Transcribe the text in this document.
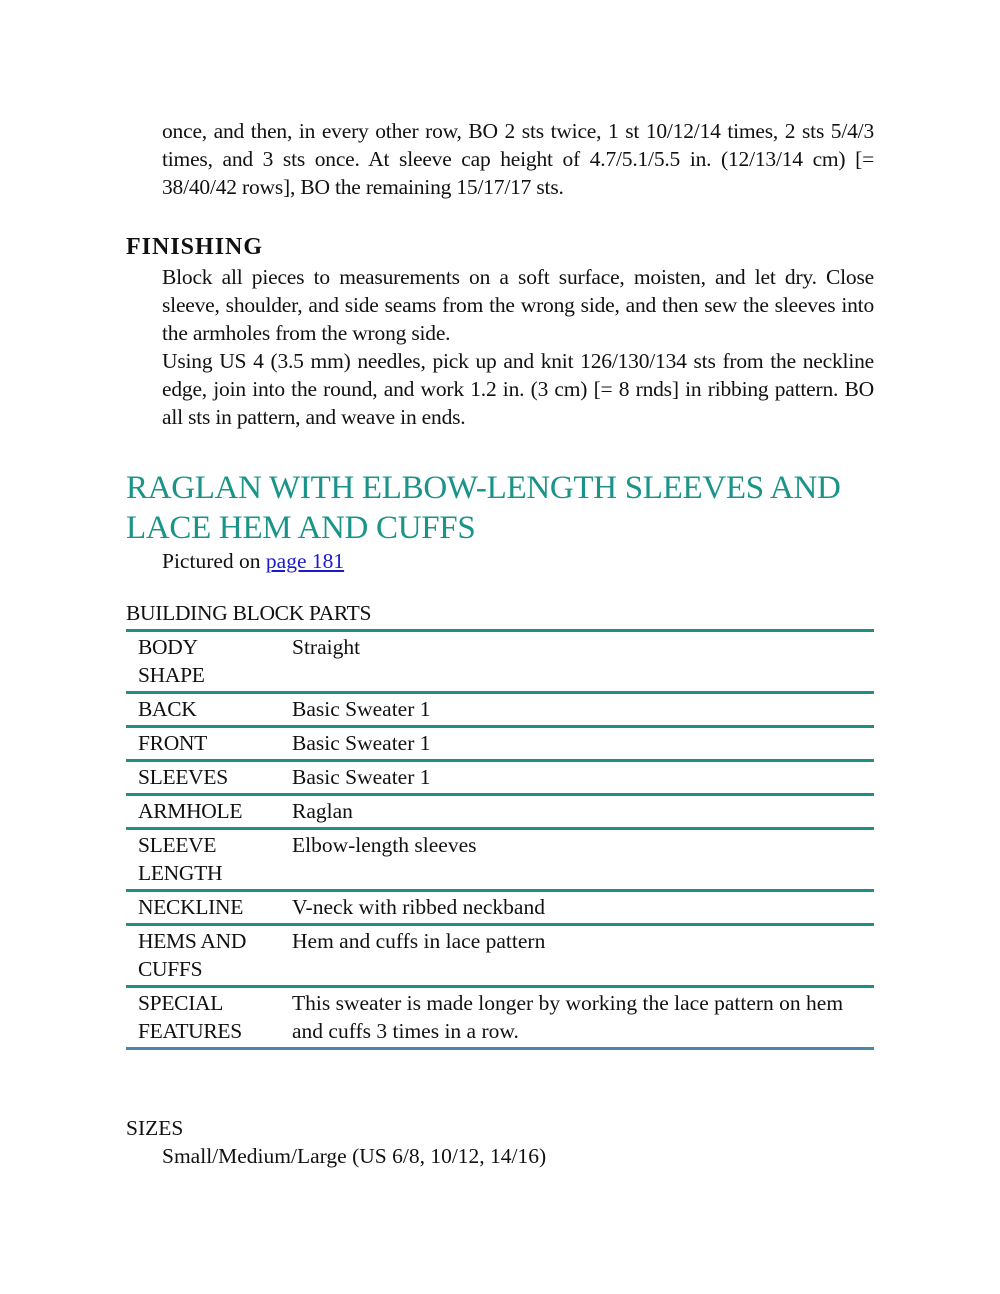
once, and then, in every other row, BO 2 sts twice, 1 st 10/12/14 times, 2 sts 5/4/3 times, and 3 sts once. At sleeve cap height of 4.7/5.1/5.5 in. (12/13/14 cm) [= 38/40/42 rows], BO the remaining 15/17/17 sts.

FINISHING

Block all pieces to measurements on a soft surface, moisten, and let dry. Close sleeve, shoulder, and side seams from the wrong side, and then sew the sleeves into the armholes from the wrong side.

Using US 4 (3.5 mm) needles, pick up and knit 126/130/134 sts from the neckline edge, join into the round, and work 1.2 in. (3 cm) [= 8 rnds] in ribbing pattern. BO all sts in pattern, and weave in ends.

RAGLAN WITH ELBOW-LENGTH SLEEVES AND LACE HEM AND CUFFS
Pictured on page 181
BUILDING BLOCK PARTS
BODY
SHAPE	Straight
BACK	Basic Sweater 1
FRONT	Basic Sweater 1
SLEEVES	Basic Sweater 1
ARMHOLE	Raglan
SLEEVE
LENGTH	Elbow-length sleeves
NECKLINE	V-neck with ribbed neckband
HEMS AND
CUFFS	Hem and cuffs in lace pattern
SPECIAL
FEATURES	This sweater is made longer by working the lace pattern on hem and cuffs 3 times in a row.
SIZES
Small/Medium/Large (US 6/8, 10/12, 14/16)
